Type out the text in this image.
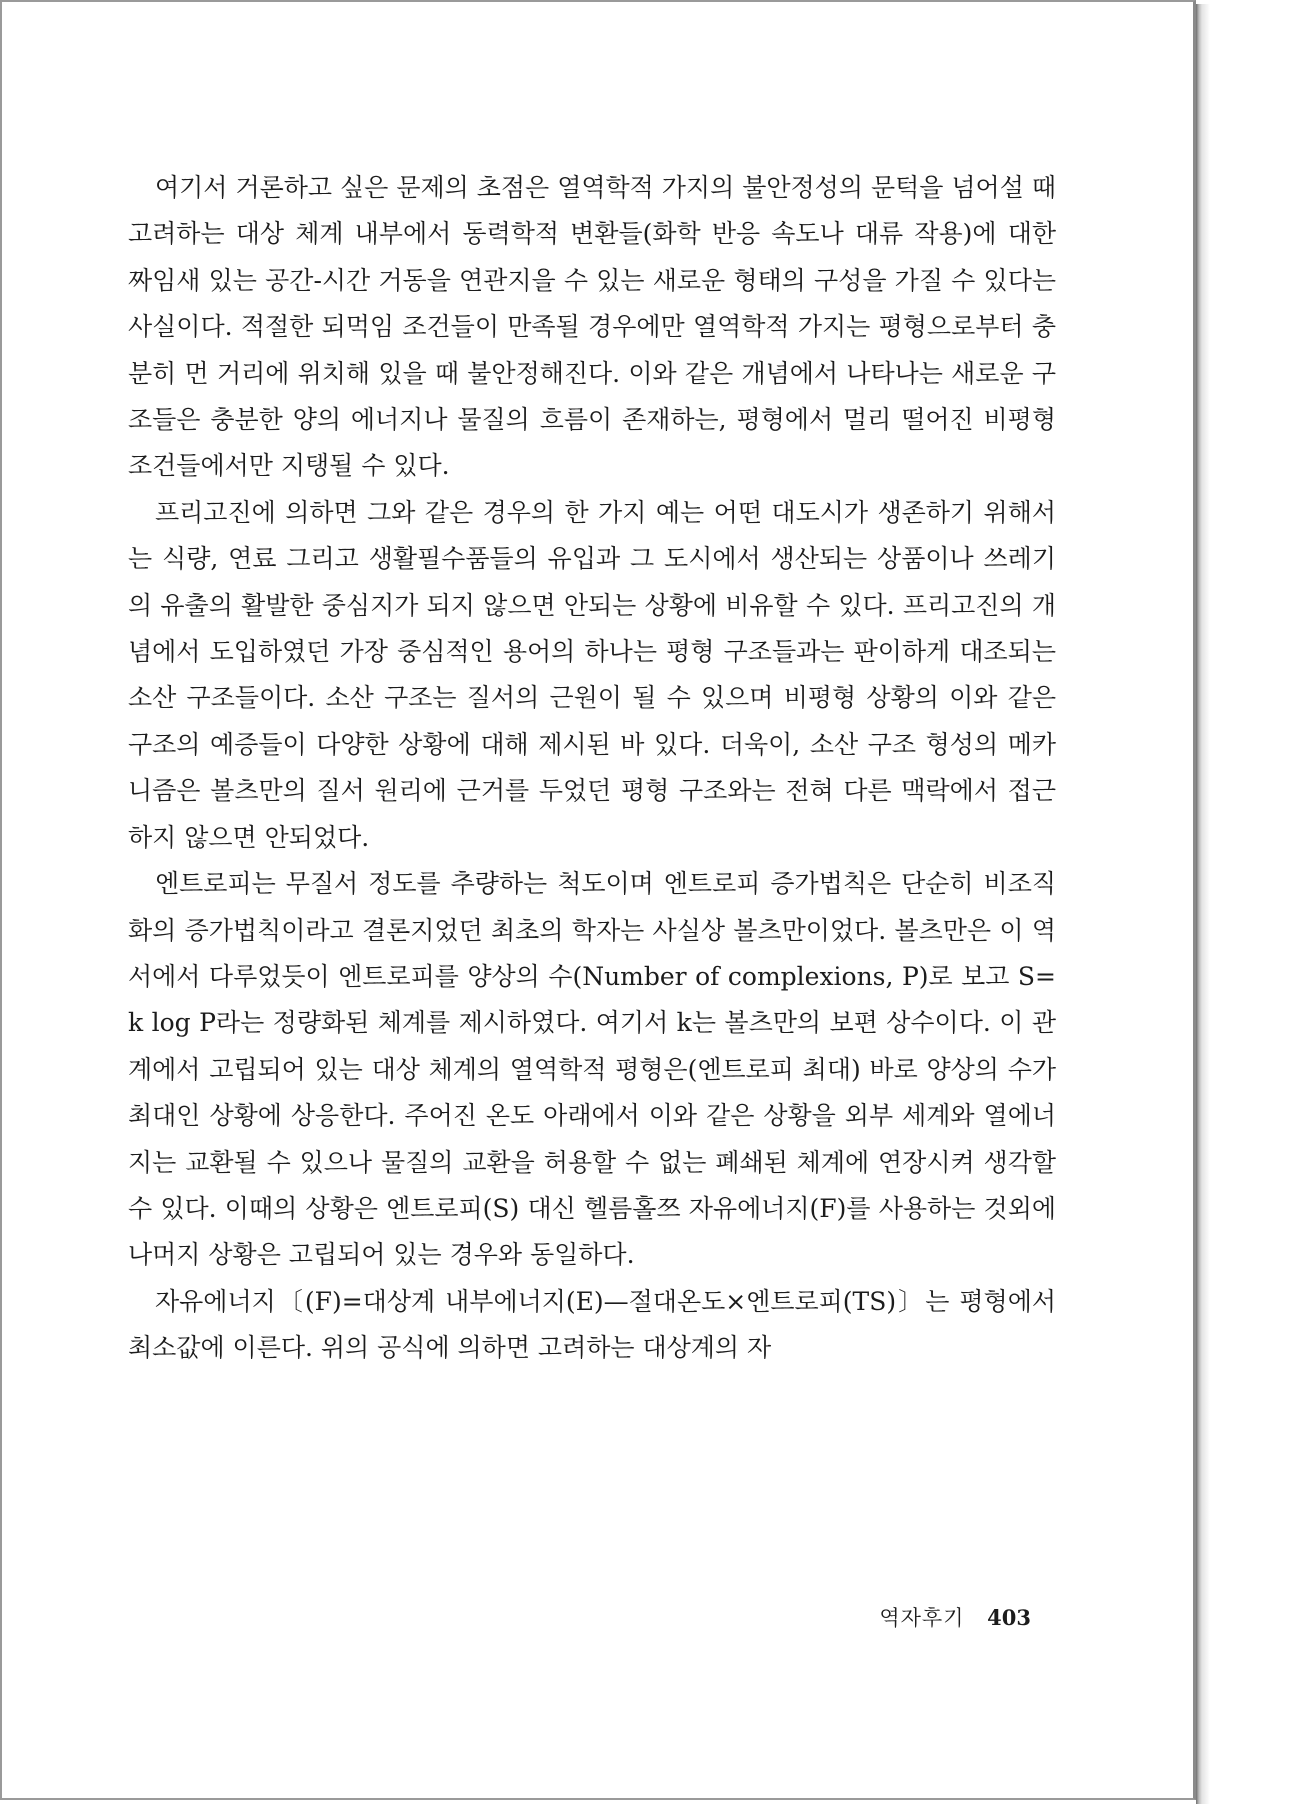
여기서 거론하고 싶은 문제의 초점은 열역학적 가지의 불안정성의 문턱을 넘어설 때 고려하는 대상 체계 내부에서 동력학적 변환들(화학 반응 속도나 대류 작용)에 대한 짜임새 있는 공간-시간 거동을 연관지을 수 있는 새로운 형태의 구성을 가질 수 있다는 사실이다. 적절한 되먹임 조건들이 만족될 경우에만 열역학적 가지는 평형으로부터 충분히 먼 거리에 위치해 있을 때 불안정해진다. 이와 같은 개념에서 나타나는 새로운 구조들은 충분한 양의 에너지나 물질의 흐름이 존재하는, 평형에서 멀리 떨어진 비평형 조건들에서만 지탱될 수 있다.

프리고진에 의하면 그와 같은 경우의 한 가지 예는 어떤 대도시가 생존하기 위해서는 식량, 연료 그리고 생활필수품들의 유입과 그 도시에서 생산되는 상품이나 쓰레기의 유출의 활발한 중심지가 되지 않으면 안되는 상황에 비유할 수 있다. 프리고진의 개념에서 도입하였던 가장 중심적인 용어의 하나는 평형 구조들과는 판이하게 대조되는 소산 구조들이다. 소산 구조는 질서의 근원이 될 수 있으며 비평형 상황의 이와 같은 구조의 예증들이 다양한 상황에 대해 제시된 바 있다. 더욱이, 소산 구조 형성의 메카니즘은 볼츠만의 질서 원리에 근거를 두었던 평형 구조와는 전혀 다른 맥락에서 접근하지 않으면 안되었다.

엔트로피는 무질서 정도를 추량하는 척도이며 엔트로피 증가법칙은 단순히 비조직화의 증가법칙이라고 결론지었던 최초의 학자는 사실상 볼츠만이었다. 볼츠만은 이 역서에서 다루었듯이 엔트로피를 양상의 수(Number of complexions, P)로 보고 S=k log P라는 정량화된 체계를 제시하였다. 여기서 k는 볼츠만의 보편 상수이다. 이 관계에서 고립되어 있는 대상 체계의 열역학적 평형은(엔트로피 최대) 바로 양상의 수가 최대인 상황에 상응한다. 주어진 온도 아래에서 이와 같은 상황을 외부 세계와 열에너지는 교환될 수 있으나 물질의 교환을 허용할 수 없는 폐쇄된 체계에 연장시켜 생각할 수 있다. 이때의 상황은 엔트로피(S) 대신 헬름홀쯔 자유에너지(F)를 사용하는 것외에 나머지 상황은 고립되어 있는 경우와 동일하다.

자유에너지〔(F)=대상계 내부에너지(E)—절대온도×엔트로피(TS)〕는 평형에서 최소값에 이른다. 위의 공식에 의하면 고려하는 대상계의 자

역자후기 403
